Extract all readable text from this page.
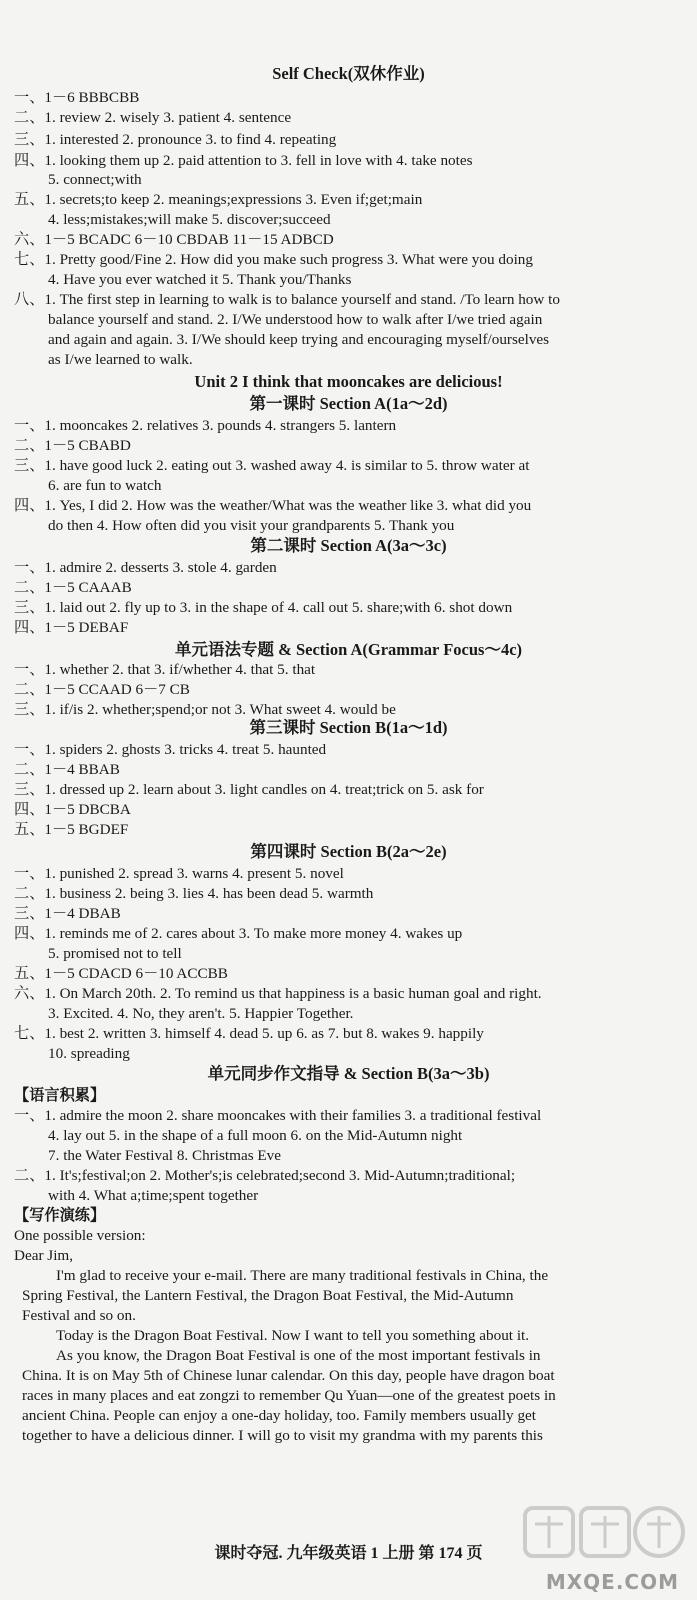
Self Check(双休作业)
一、1－6 BBBCBB
二、1. review 2. wisely 3. patient 4. sentence
三、1. interested 2. pronounce 3. to find 4. repeating
四、1. looking them up 2. paid attention to 3. fell in love with 4. take notes
5. connect;with
五、1. secrets;to keep 2. meanings;expressions 3. Even if;get;main
4. less;mistakes;will make 5. discover;succeed
六、1－5 BCADC 6－10 CBDAB 11－15 ADBCD
七、1. Pretty good/Fine 2. How did you make such progress 3. What were you doing
4. Have you ever watched it 5. Thank you/Thanks
八、1. The first step in learning to walk is to balance yourself and stand. /To learn how to
balance yourself and stand. 2. I/We understood how to walk after I/we tried again
and again and again. 3. I/We should keep trying and encouraging myself/ourselves
as I/we learned to walk.
Unit 2 I think that mooncakes are delicious!
第一课时 Section A(1a～2d)
一、1. mooncakes 2. relatives 3. pounds 4. strangers 5. lantern
二、1－5 CBABD
三、1. have good luck 2. eating out 3. washed away 4. is similar to 5. throw water at
6. are fun to watch
四、1. Yes, I did 2. How was the weather/What was the weather like 3. what did you
do then 4. How often did you visit your grandparents 5. Thank you
第二课时 Section A(3a～3c)
一、1. admire 2. desserts 3. stole 4. garden
二、1－5 CAAAB
三、1. laid out 2. fly up to 3. in the shape of 4. call out 5. share;with 6. shot down
四、1－5 DEBAF
单元语法专题 & Section A(Grammar Focus～4c)
一、1. whether 2. that 3. if/whether 4. that 5. that
二、1－5 CCAAD 6－7 CB
三、1. if/is 2. whether;spend;or not 3. What sweet 4. would be
第三课时 Section B(1a～1d)
一、1. spiders 2. ghosts 3. tricks 4. treat 5. haunted
二、1－4 BBAB
三、1. dressed up 2. learn about 3. light candles on 4. treat;trick on 5. ask for
四、1－5 DBCBA
五、1－5 BGDEF
第四课时 Section B(2a～2e)
一、1. punished 2. spread 3. warns 4. present 5. novel
二、1. business 2. being 3. lies 4. has been dead 5. warmth
三、1－4 DBAB
四、1. reminds me of 2. cares about 3. To make more money 4. wakes up
5. promised not to tell
五、1－5 CDACD 6－10 ACCBB
六、1. On March 20th. 2. To remind us that happiness is a basic human goal and right.
3. Excited. 4. No, they aren't. 5. Happier Together.
七、1. best 2. written 3. himself 4. dead 5. up 6. as 7. but 8. wakes 9. happily
10. spreading
单元同步作文指导 & Section B(3a～3b)
【语言积累】
一、1. admire the moon 2. share mooncakes with their families 3. a traditional festival
4. lay out 5. in the shape of a full moon 6. on the Mid-Autumn night
7. the Water Festival 8. Christmas Eve
二、1. It's;festival;on 2. Mother's;is celebrated;second 3. Mid-Autumn;traditional;
with 4. What a;time;spent together
【写作演练】
One possible version:
Dear Jim,
I'm glad to receive your e-mail. There are many traditional festivals in China, the
Spring Festival, the Lantern Festival, the Dragon Boat Festival, the Mid-Autumn
Festival and so on.
Today is the Dragon Boat Festival. Now I want to tell you something about it.
As you know, the Dragon Boat Festival is one of the most important festivals in
China. It is on May 5th of Chinese lunar calendar. On this day, people have dragon boat
races in many places and eat zongzi to remember Qu Yuan—one of the greatest poets in
ancient China. People can enjoy a one-day holiday, too. Family members usually get
together to have a delicious dinner. I will go to visit my grandma with my parents this
课时夺冠. 九年级英语 1 上册 第 174 页
MXQE.COM
